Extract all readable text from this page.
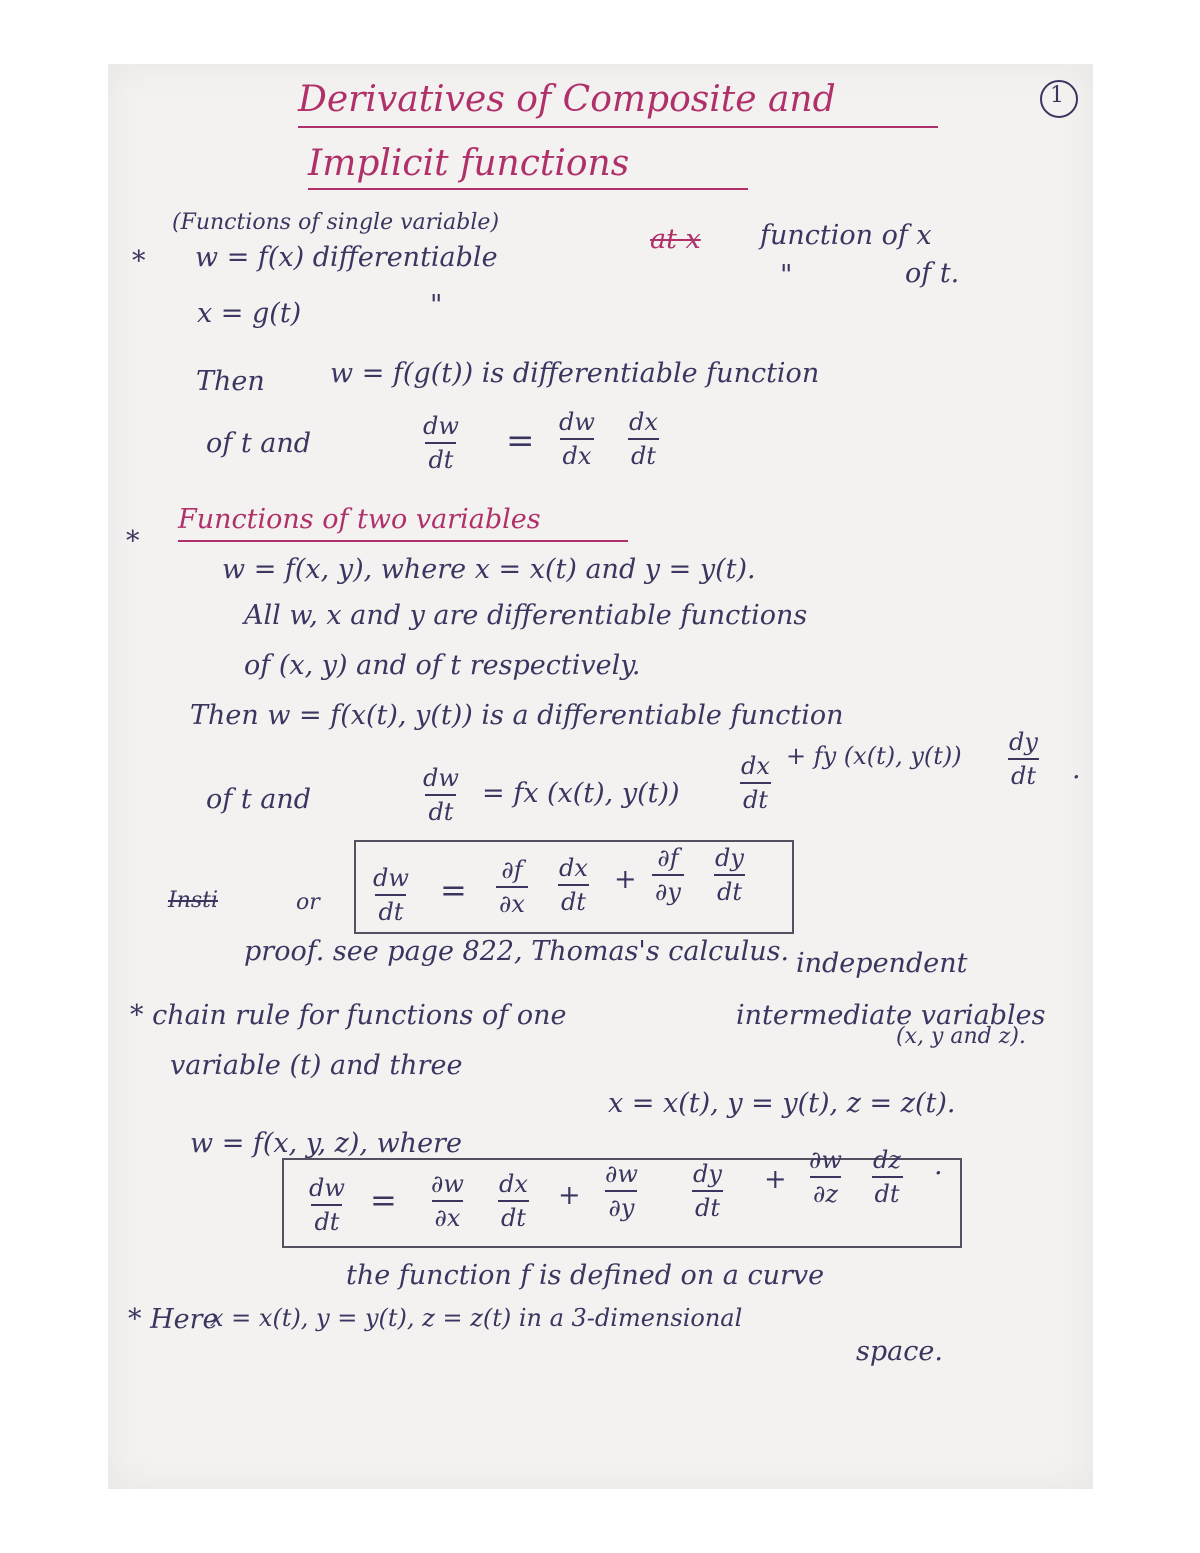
1
Derivatives of Composite and
Implicit functions
*
(Functions of single variable)
w = f(x) differentiable
at x function of x
x = g(t)	"
"	of t.
Then w = f(g(t)) is differentiable function
of t and	$\frac{dw}{dt} = \frac{dw}{dx} \frac{dx}{dt}$
*
Functions of two variables
w = f(x, y), where x = x(t) and y = y(t).
All w, x and y are differentiable functions
of (x, y) and of t respectively.
Then w = f(x(t), y(t)) is a differentiable function
of t and	$\frac{dw}{dt}$ = fx (x(t), $y(t)) \frac{dx}{dt}$ + fy (x(t), $y(t)) \frac{dy}{dt}$ .
Insti	or $\frac{dw}{dt} = \frac{\partial f}{\partial x} \frac{dx}{dt} + \frac{\partial f}{\partial y} \frac{dy}{dt}$
proof. see page 822, Thomas's calculus. independent
* chain rule for functions of one	intermediate variables
variable (t) and three
(x, y and z).
x = x(t), y = y(t), z = z(t).
w = f(x, y, z), where
$\frac{dw}{dt} = \frac{\partial w}{\partial x} \frac{dx}{dt} + \frac{\partial w}{\partial y} \frac{dy}{dt} + \frac{\partial w}{\partial z} \frac{dz}{dt}$ .
the function f is defined on a curve
* Here
x = x(t), y = y(t), z = z(t) in a 3-dimensional
space.
